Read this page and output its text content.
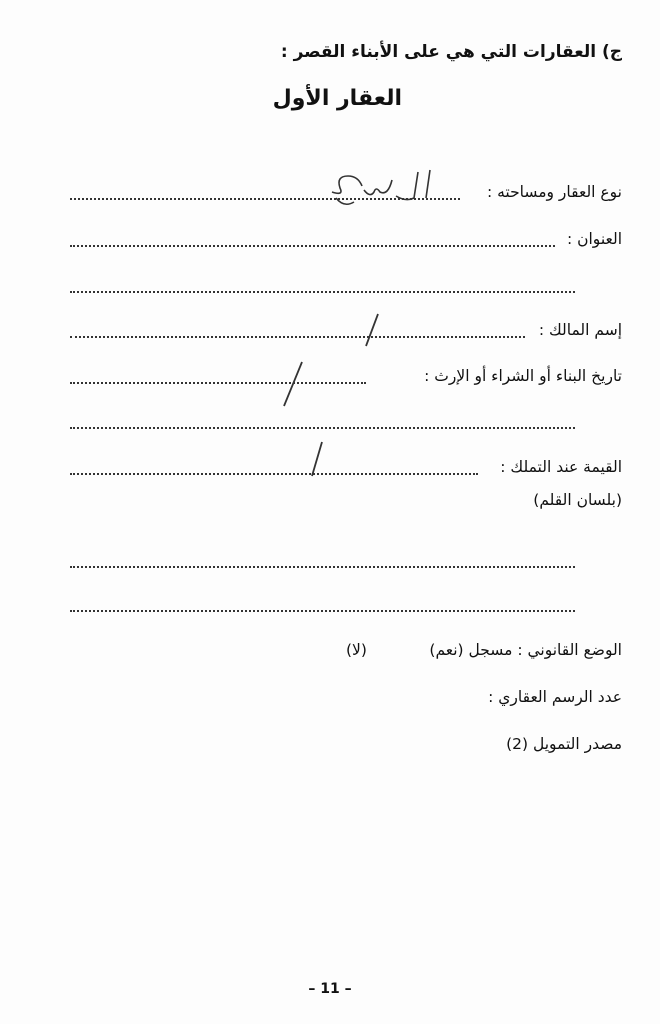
ج) العقارات التي هي على الأبناء القصر :
العقار الأول
نوع العقار ومساحته :
العنوان :
إسم المالك :
تاريخ البناء أو الشراء أو الإرث :
القيمة عند التملك :
(بلسان القلم)
الوضع القانوني : مسجل (نعم)
(لا)
عدد الرسم العقاري :
مصدر التمويل (2)
– 11 –
